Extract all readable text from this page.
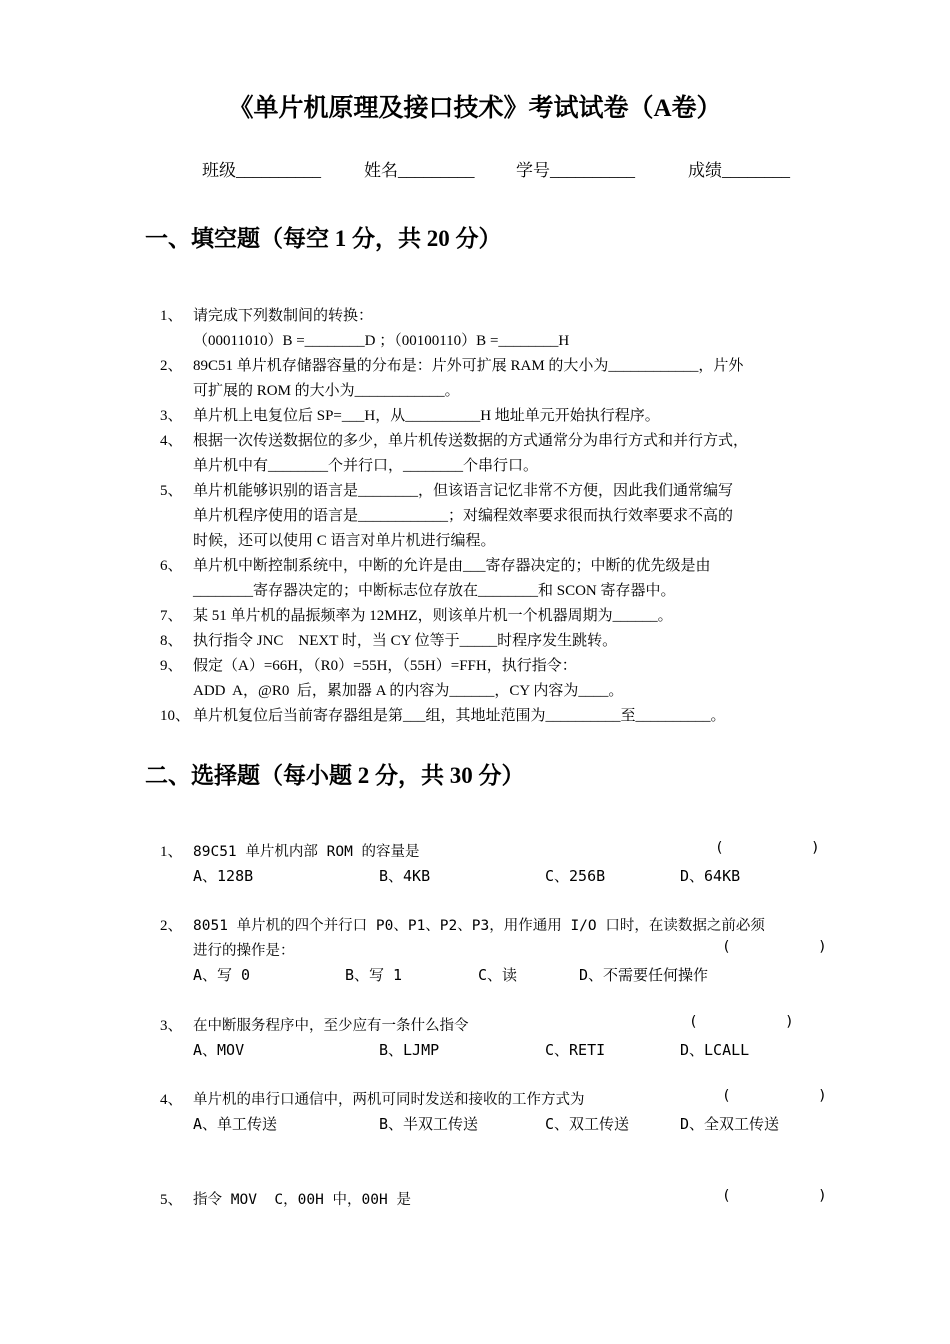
《单片机原理及接口技术》考试试卷（A卷）
班级__________	姓名_________ 学号__________	成绩________
一、填空题（每空 1 分，共 20 分）
1、 请完成下列数制间的转换：
（00011010）B =________D ；（00100110）B =________H
2、 89C51 单片机存储器容量的分布是：片外可扩展 RAM 的大小为____________，片外
可扩展的 ROM 的大小为____________。
3、 单片机上电复位后 SP=___H，从__________H 地址单元开始执行程序。
4、 根据一次传送数据位的多少，单片机传送数据的方式通常分为串行方式和并行方式，
单片机中有________个并行口，________个串行口。
5、 单片机能够识别的语言是________，但该语言记忆非常不方便，因此我们通常编写
单片机程序使用的语言是____________；对编程效率要求很而执行效率要求不高的
时候，还可以使用 C 语言对单片机进行编程。
6、 单片机中断控制系统中，中断的允许是由___寄存器决定的；中断的优先级是由
________寄存器决定的；中断标志位存放在________和 SCON 寄存器中。
7、 某 51 单片机的晶振频率为 12MHZ，则该单片机一个机器周期为______。
8、 执行指令 JNC    NEXT 时，当 CY 位等于_____时程序发生跳转。
9、 假定（A）=66H，（R0）=55H，（55H）=FFH，执行指令：
ADD  A，@R0  后，累加器 A 的内容为______，CY 内容为____。
10、 单片机复位后当前寄存器组是第___组，其地址范围为__________至__________。
二、选择题（每小题 2 分，共 30 分）
1、 89C51 单片机内部 ROM 的容量是	(          )
A、128B	B、4KB	C、256B	D、64KB
2、 8051 单片机的四个并行口 P0、P1、P2、P3，用作通用 I/O 口时，在读数据之前必须
进行的操作是：	(          )
A、写 0	B、写 1	C、读	D、不需要任何操作
3、 在中断服务程序中，至少应有一条什么指令	(          )
A、MOV	B、LJMP	C、RETI	D、LCALL
4、 单片机的串行口通信中，两机可同时发送和接收的工作方式为	(          )
A、单工传送	B、半双工传送	C、双工传送	D、全双工传送
5、 指令 MOV  C，00H 中，00H 是	(          )
